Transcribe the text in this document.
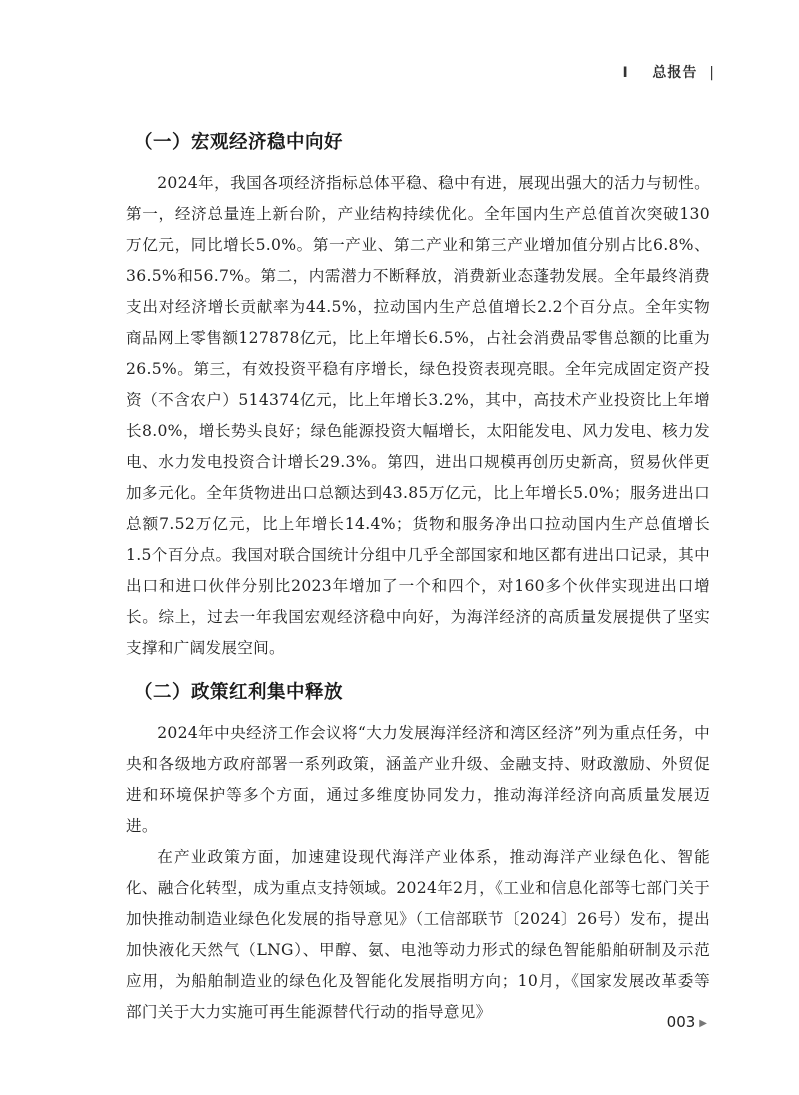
I 总报告 |
（一）宏观经济稳中向好

2024年，我国各项经济指标总体平稳、稳中有进，展现出强大的活力与韧性。第一，经济总量连上新台阶，产业结构持续优化。全年国内生产总值首次突破130万亿元，同比增长5.0%。第一产业、第二产业和第三产业增加值分别占比6.8%、36.5%和56.7%。第二，内需潜力不断释放，消费新业态蓬勃发展。全年最终消费支出对经济增长贡献率为44.5%，拉动国内生产总值增长2.2个百分点。全年实物商品网上零售额127878亿元，比上年增长6.5%，占社会消费品零售总额的比重为26.5%。第三，有效投资平稳有序增长，绿色投资表现亮眼。全年完成固定资产投资（不含农户）514374亿元，比上年增长3.2%，其中，高技术产业投资比上年增长8.0%，增长势头良好；绿色能源投资大幅增长，太阳能发电、风力发电、核力发电、水力发电投资合计增长29.3%。第四，进出口规模再创历史新高，贸易伙伴更加多元化。全年货物进出口总额达到43.85万亿元，比上年增长5.0%；服务进出口总额7.52万亿元，比上年增长14.4%；货物和服务净出口拉动国内生产总值增长1.5个百分点。我国对联合国统计分组中几乎全部国家和地区都有进出口记录，其中出口和进口伙伴分别比2023年增加了一个和四个，对160多个伙伴实现进出口增长。综上，过去一年我国宏观经济稳中向好，为海洋经济的高质量发展提供了坚实支撑和广阔发展空间。

（二）政策红利集中释放

2024年中央经济工作会议将“大力发展海洋经济和湾区经济”列为重点任务，中央和各级地方政府部署一系列政策，涵盖产业升级、金融支持、财政激励、外贸促进和环境保护等多个方面，通过多维度协同发力，推动海洋经济向高质量发展迈进。

在产业政策方面，加速建设现代海洋产业体系，推动海洋产业绿色化、智能化、融合化转型，成为重点支持领域。2024年2月，《工业和信息化部等七部门关于加快推动制造业绿色化发展的指导意见》（工信部联节〔2024〕26号）发布，提出加快液化天然气（LNG）、甲醇、氨、电池等动力形式的绿色智能船舶研制及示范应用，为船舶制造业的绿色化及智能化发展指明方向；10月，《国家发展改革委等部门关于大力实施可再生能源替代行动的指导意见》

003 ▶
